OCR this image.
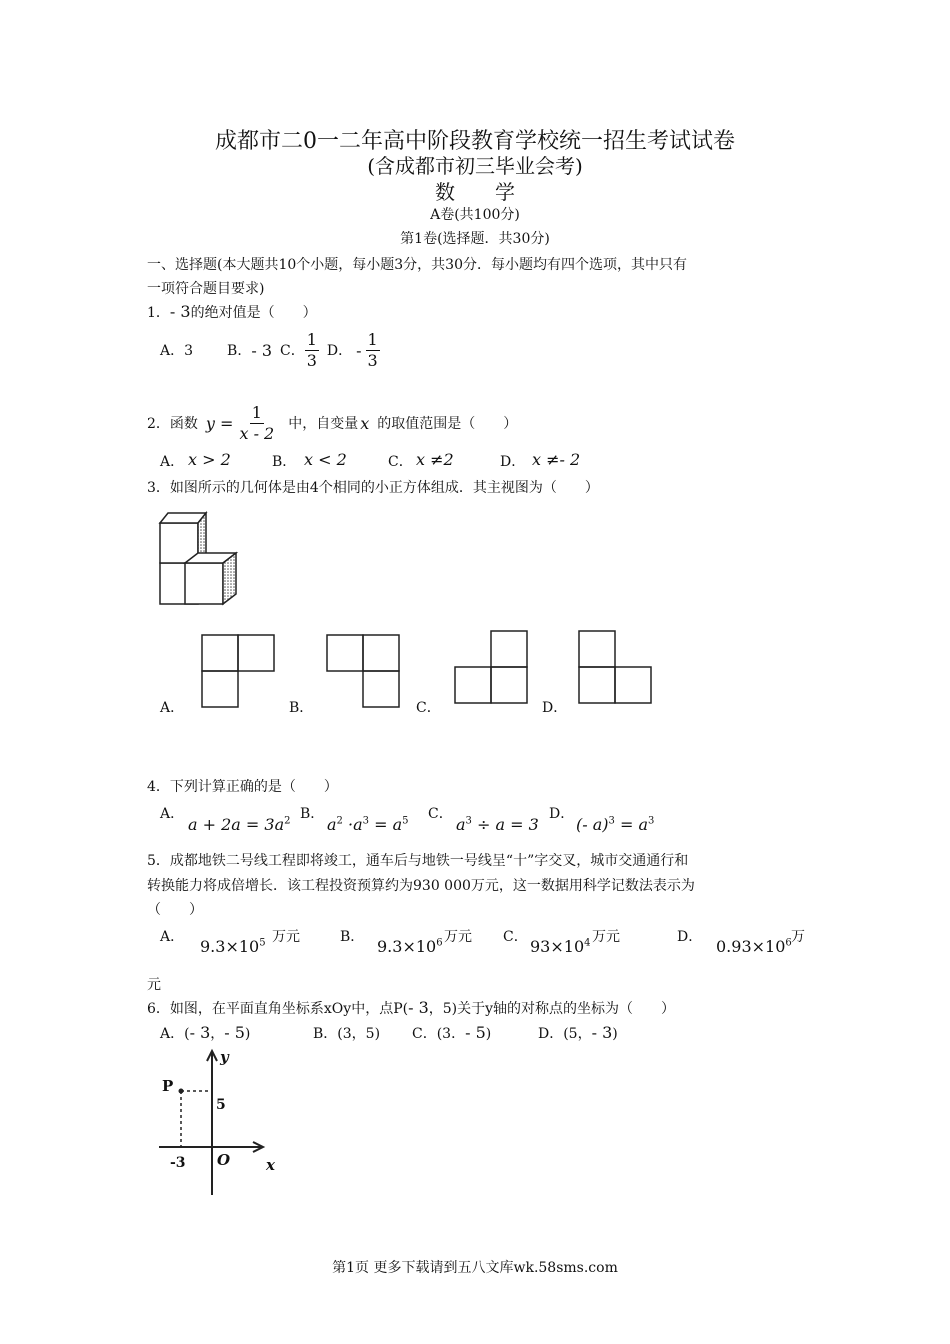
成都市二0一二年高中阶段教育学校统一招生考试试卷
(含成都市初三毕业会考)
数　　学
A卷(共100分)
第1卷(选择题．共30分)
一、选择题(本大题共10个小题，每小题3分，共30分．每小题均有四个选项，其中只有
一项符合题目要求)
1．- 3的绝对值是（　　）
A．3 B． - 3 C． $\frac{1}{3}$ D． - $\frac{1}{3}$
2．函数 $y = \frac{1}{x - 2}$ 中，自变量 x 的取值范围是（　　）
A． x > 2	B． x < 2	C． x ≠2	D． x ≠- 2
3．如图所示的几何体是由4个相同的小正方体组成．其主视图为（　　）
A．	B．	C．	D．
4．下列计算正确的是（　　）
A．
$a + 2a = 3a^2$ B．
$a^2 \cdot a^3 = a^5$ C．
$a^3 \div a = 3$
D．
(- $a)^3 = a^3$
5．成都地铁二号线工程即将竣工，通车后与地铁一号线呈“十”字交叉，城市交通通行和
转换能力将成倍增长．该工程投资预算约为930 000万元，这一数据用科学记数法表示为
（　　）
A． $9.3\times 10^5$ 万元	B． $9.3\times 10^6$ 万元 C． $93\times 10^4$ 万元	D． $0.93\times 10^6$ 万
元
6．如图，在平面直角坐标系xOy中，点P(- 3，5)关于y轴的对称点的坐标为（　　）
A．(- 3，- 5)	B．(3，5) C．(3．- 5)	D．(5，- 3)
P
y
x
5
O
-3
第1页 更多下载请到五八文库wk.58sms.com
